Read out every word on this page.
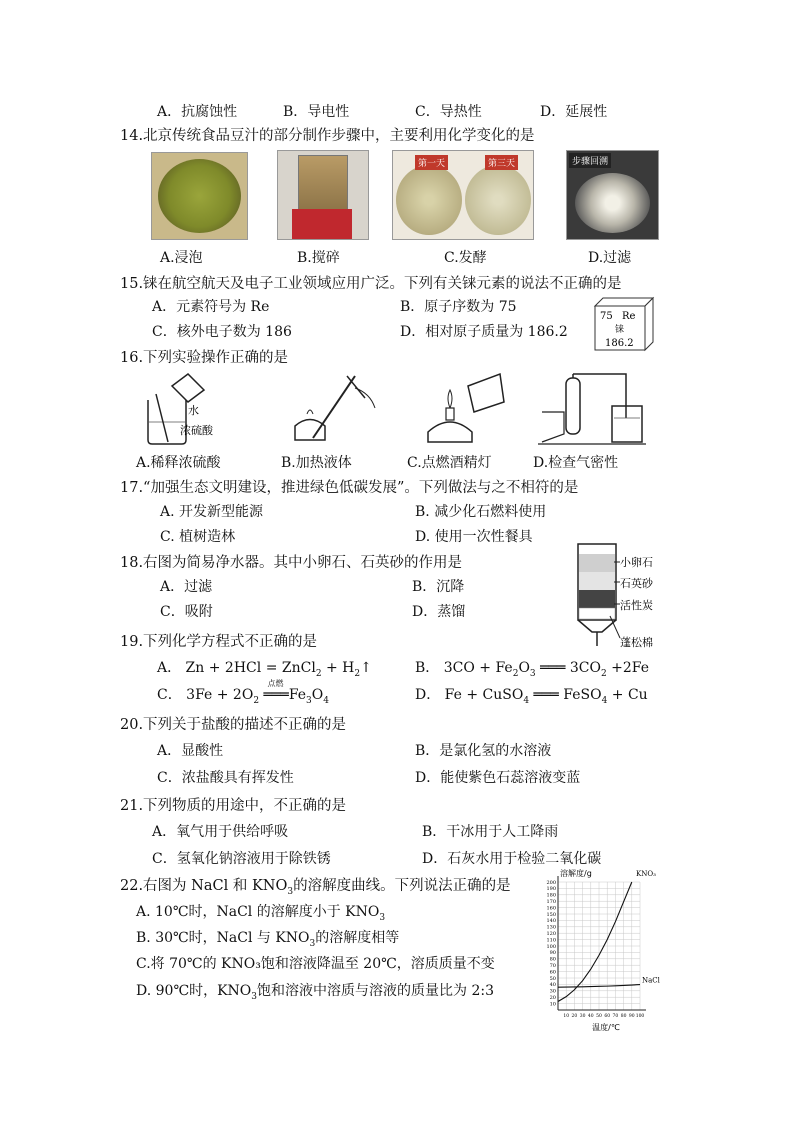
A．抗腐蚀性	B．导电性	C．导热性	D．延展性
14.北京传统食品豆汁的部分制作步骤中，主要利用化学变化的是
第一天	第三天	步骤回溯
A.浸泡	B.搅碎	C.发酵	D.过滤
15.铼在航空航天及电子工业领域应用广泛。下列有关铼元素的说法不正确的是
A．元素符号为 Re	B．原子序数为 75
C．核外电子数为 186	D．相对原子质量为 186.2
75 Re
铼
186.2
16.下列实验操作正确的是
水
浓硫酸
A.稀释浓硫酸	B.加热液体	C.点燃酒精灯	D.检查气密性
17.“加强生态文明建设，推进绿色低碳发展”。下列做法与之不相符的是
A. 开发新型能源	B. 减少化石燃料使用
C. 植树造林	D. 使用一次性餐具
18.右图为简易净水器。其中小卵石、石英砂的作用是
A．过滤	B．沉降
C．吸附	D．蒸馏
小卵石
石英砂
活性炭
蓬松棉
19.下列化学方程式不正确的是
A． Zn + 2HCl = ZnCl$_2$ + $H_2↑$	B． $3CO + Fe_2O_3$ ═══ $3CO_2 +2Fe$
C． $3Fe + 2O_2$
点燃
$═══Fe_3O_4$	D． Fe + CuSO$_4$ ═══ FeSO$_4$ + Cu
20.下列关于盐酸的描述不正确的是
A．显酸性	B．是氯化氢的水溶液
C．浓盐酸具有挥发性	D．能使紫色石蕊溶液变蓝
21.下列物质的用途中，不正确的是
A．氧气用于供给呼吸	B．干冰用于人工降雨
C．氢氧化钠溶液用于除铁锈	D．石灰水用于检验二氧化碳
22.右图为 NaCl 和 $KNO_3$的溶解度曲线。下列说法正确的是
A. 10℃时，NaCl 的溶解度小于 $KNO_3$
B. 30℃时，NaCl 与 $KNO_3$的溶解度相等
C.将 70℃的 KNO₃饱和溶液降温至 20℃，溶质质量不变
D. 90℃时，$KNO_3$饱和溶液中溶质与溶液的质量比为 2:3
10
20
30
40
50
60
70
80
90
100
110
120
130
140
150
160
170
180
190
200
10 20 30 40 50 60 70 80 90 100
溶解度/g
温度/℃
KNO₃
NaCl
